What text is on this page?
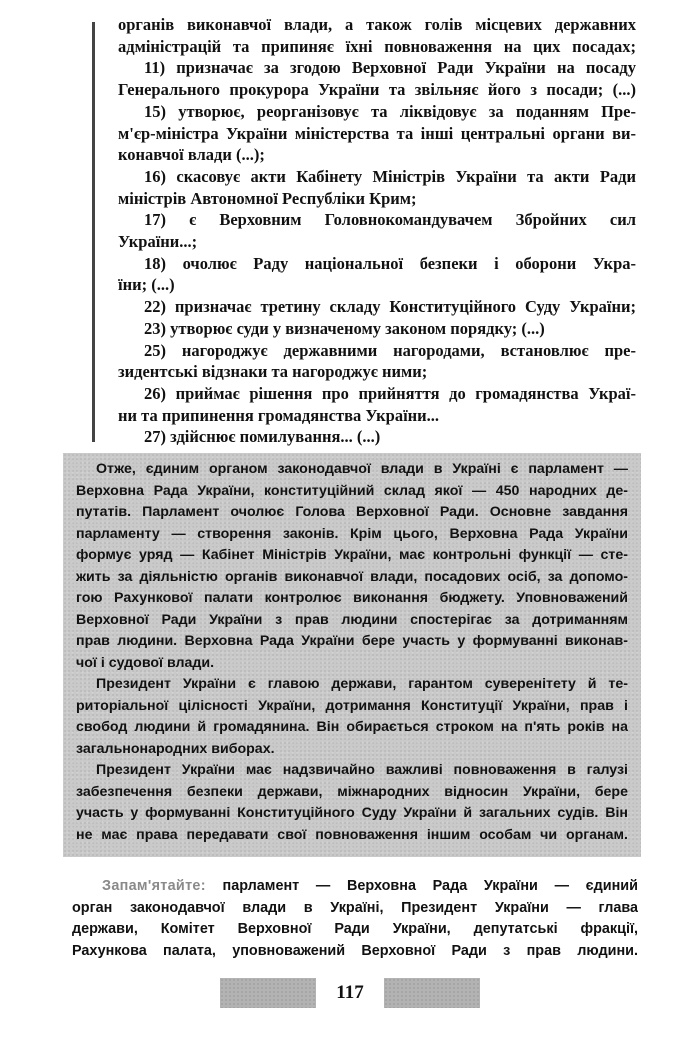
органів виконавчої влади, а також голів місцевих державних
адміністрацій та припиняє їхні повноваження на цих посадах;
11) призначає за згодою Верховної Ради України на посаду
Генерального прокурора України та звільняє його з посади; (...)
15) утворює, реорганізовує та ліквідовує за поданням Пре-
м'єр-міністра України міністерства та інші центральні органи ви-
конавчої влади (...);
16) скасовує акти Кабінету Міністрів України та акти Ради
міністрів Автономної Республіки Крим;
17) є Верховним Головнокомандувачем Збройних сил
України...;
18) очолює Раду національної безпеки і оборони Укра-
їни; (...)
22) призначає третину складу Конституційного Суду України;
23) утворює суди у визначеному законом порядку; (...)
25) нагороджує державними нагородами, встановлює пре-
зидентські відзнаки та нагороджує ними;
26) приймає рішення про прийняття до громадянства Украї-
ни та припинення громадянства України...
27) здійснює помилування... (...)
Отже, єдиним органом законодавчої влади в Україні є парламент —
Верховна Рада України, конституційний склад якої — 450 народних де-
путатів. Парламент очолює Голова Верховної Ради. Основне завдання
парламенту — створення законів. Крім цього, Верховна Рада України
формує уряд — Кабінет Міністрів України, має контрольні функції — сте-
жить за діяльністю органів виконавчої влади, посадових осіб, за допомо-
гою Рахункової палати контролює виконання бюджету. Уповноважений
Верховної Ради України з прав людини спостерігає за дотриманням
прав людини. Верховна Рада України бере участь у формуванні виконав-
чої і судової влади.
Президент України є главою держави, гарантом суверенітету й те-
риторіальної цілісності України, дотримання Конституції України, прав і
свобод людини й громадянина. Він обирається строком на п'ять років на
загальнонародних виборах.
Президент України має надзвичайно важливі повноваження в галузі
забезпечення безпеки держави, міжнародних відносин України, бере
участь у формуванні Конституційного Суду України й загальних судів. Він
не має права передавати свої повноваження іншим особам чи органам.
Запам'ятайте: парламент — Верховна Рада України — єдиний
орган законодавчої влади в Україні, Президент України — глава
держави, Комітет Верховної Ради України, депутатські фракції,
Рахункова палата, уповноважений Верховної Ради з прав людини.
117
